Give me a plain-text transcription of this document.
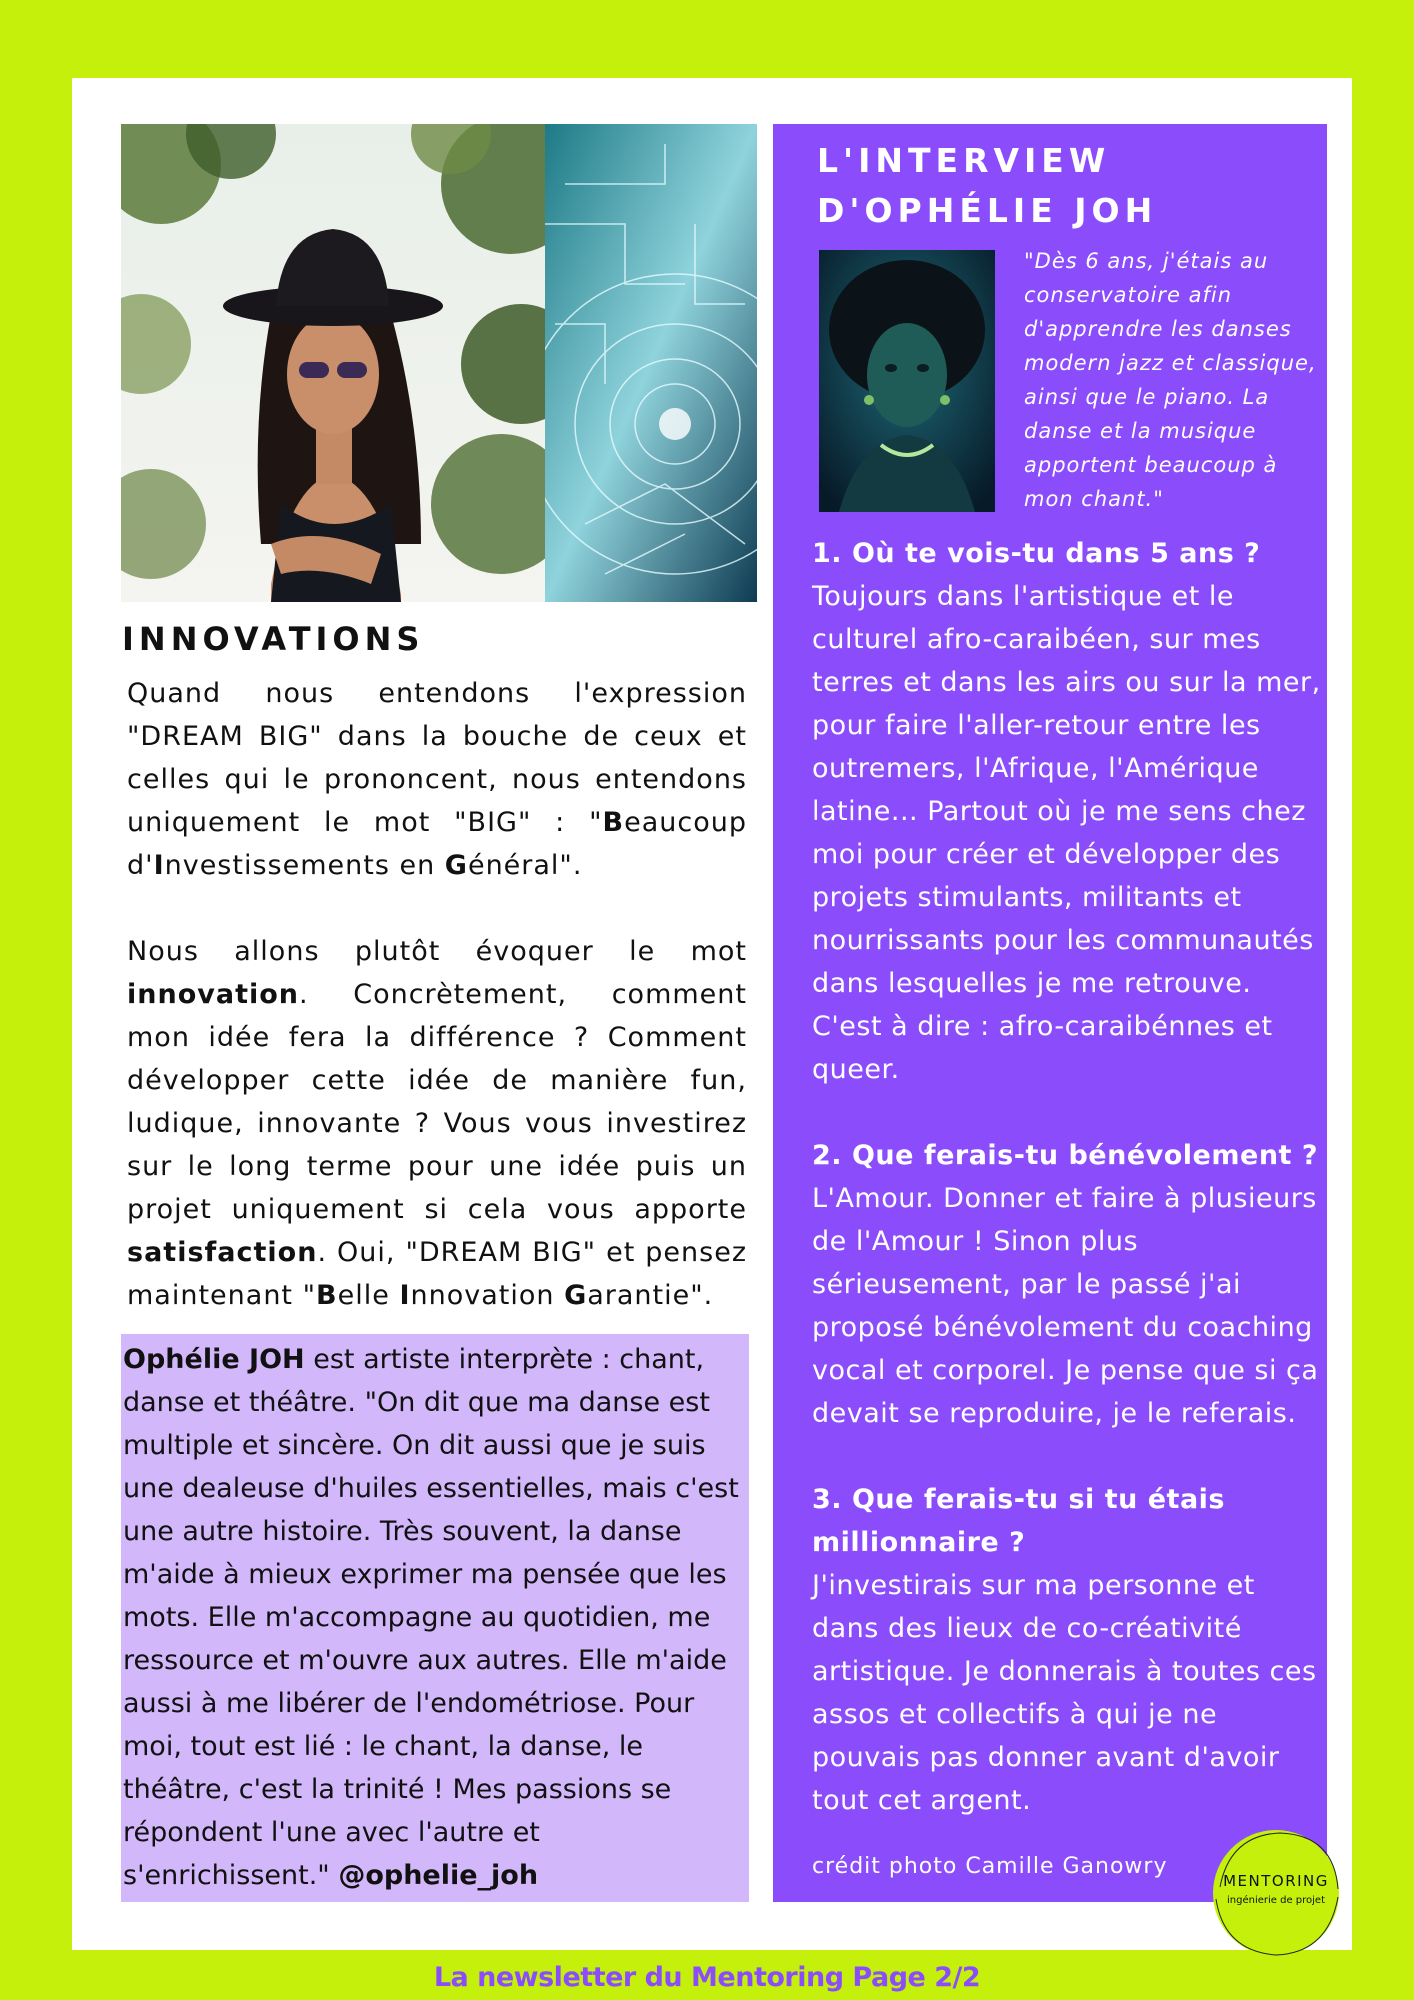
INNOVATIONS

Quand nous entendons l'expression "DREAM BIG" dans la bouche de ceux et celles qui le prononcent, nous entendons uniquement le mot "BIG" : "Beaucoup d'Investissements en Général".

Nous allons plutôt évoquer le mot innovation. Concrètement, comment mon idée fera la différence ? Comment développer cette idée de manière fun, ludique, innovante ? Vous vous investirez sur le long terme pour une idée puis un projet uniquement si cela vous apporte satisfaction. Oui, "DREAM BIG" et pensez maintenant "Belle Innovation Garantie".

Ophélie JOH est artiste interprète : chant, danse et théâtre. "On dit que ma danse est multiple et sincère. On dit aussi que je suis une dealeuse d'huiles essentielles, mais c'est une autre histoire. Très souvent, la danse m'aide à mieux exprimer ma pensée que les mots. Elle m'accompagne au quotidien, me ressource et m'ouvre aux autres. Elle m'aide aussi à me libérer de l'endométriose. Pour moi, tout est lié : le chant, la danse, le théâtre, c'est la trinité ! Mes passions se répondent l'une avec l'autre et s'enrichissent." @ophelie_joh
L'INTERVIEW
D'OPHÉLIE JOH
"Dès 6 ans, j'étais au conservatoire afin d'apprendre les danses modern jazz et classique, ainsi que le piano. La danse et la musique apportent beaucoup à mon chant."
1. Où te vois-tu dans 5 ans ?
Toujours dans l'artistique et le culturel afro-caraibéen, sur mes terres et dans les airs ou sur la mer, pour faire l'aller-retour entre les outremers, l'Afrique, l'Amérique latine... Partout où je me sens chez moi pour créer et développer des projets stimulants, militants et nourrissants pour les communautés dans lesquelles je me retrouve. C'est à dire : afro-caraibénnes et queer.
2. Que ferais-tu bénévolement ?
L'Amour. Donner et faire à plusieurs de l'Amour ! Sinon plus sérieusement, par le passé j'ai proposé bénévolement du coaching vocal et corporel. Je pense que si ça devait se reproduire, je le referais.
3. Que ferais-tu si tu étais millionnaire ?
J'investirais sur ma personne et dans des lieux de co-créativité artistique. Je donnerais à toutes ces assos et collectifs à qui je ne pouvais pas donner avant d'avoir tout cet argent.
crédit photo Camille Ganowry
MENTORING
ingénierie de projet
La newsletter du Mentoring Page 2/2
